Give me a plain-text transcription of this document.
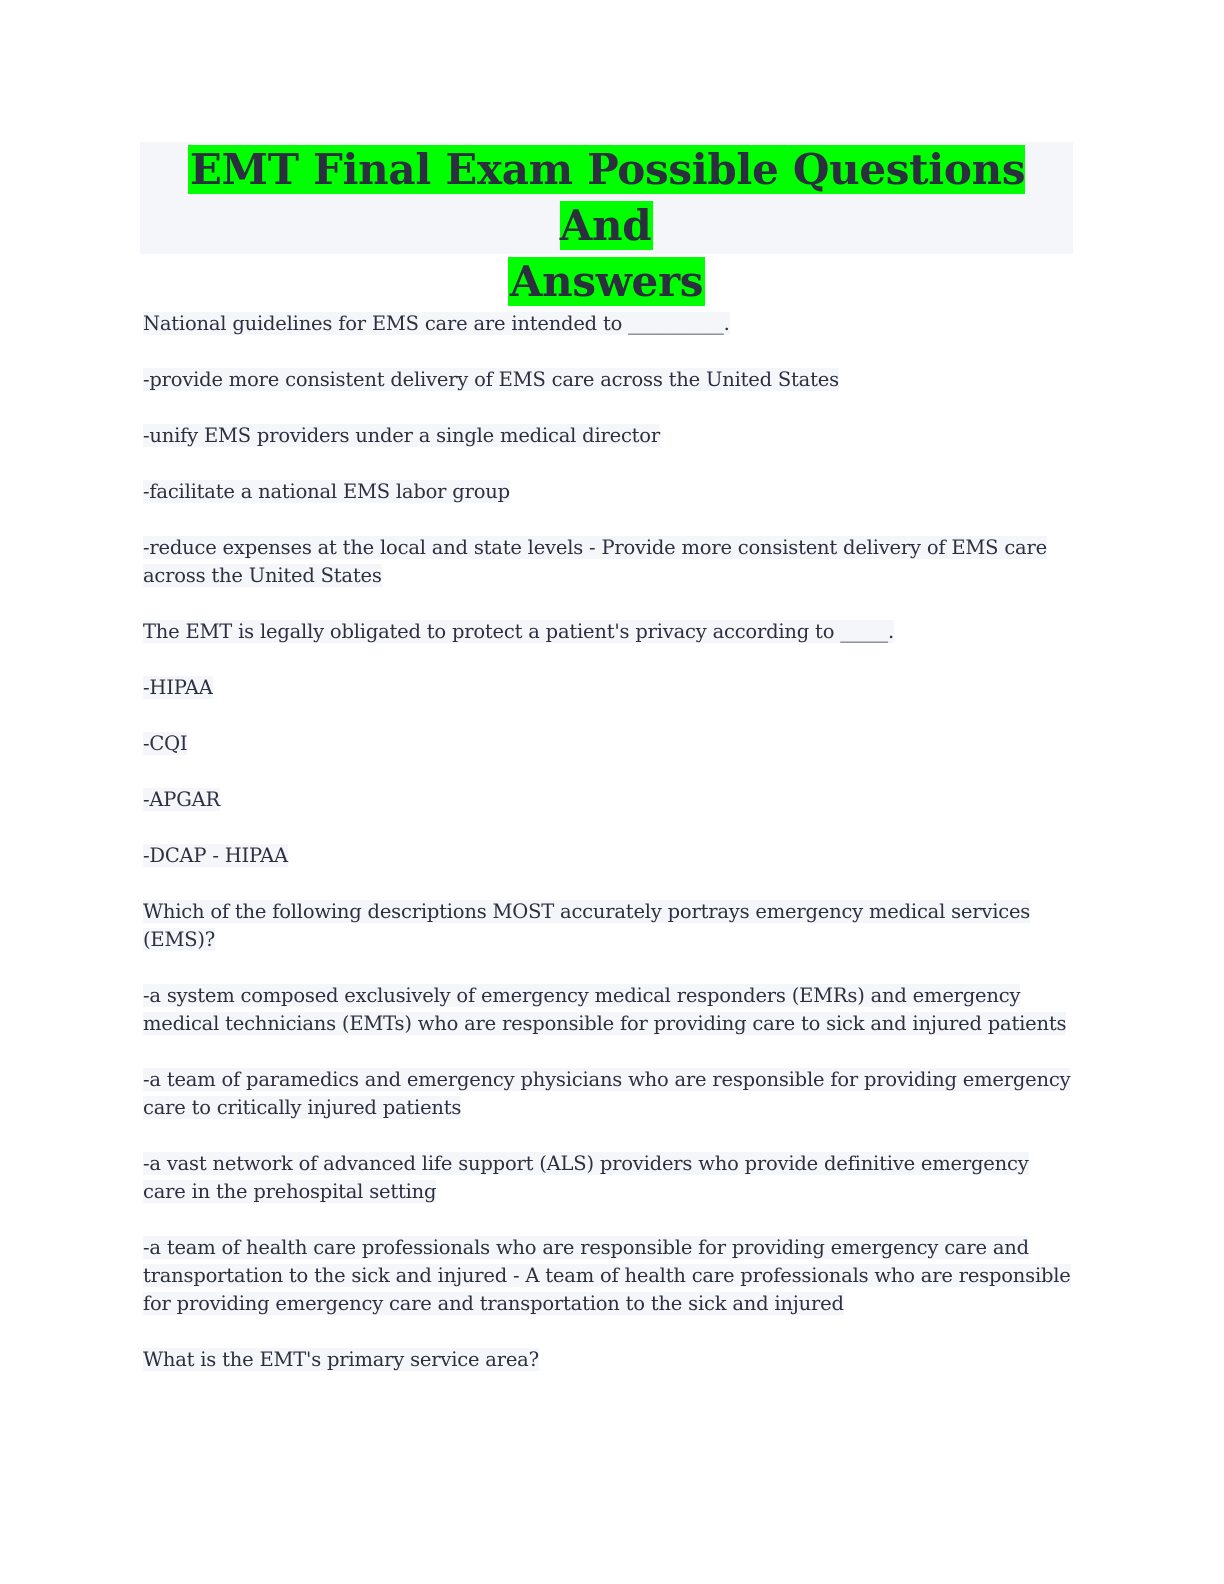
EMT Final Exam Possible Questions And
Answers

National guidelines for EMS care are intended to __________.

-provide more consistent delivery of EMS care across the United States

-unify EMS providers under a single medical director

-facilitate a national EMS labor group

-reduce expenses at the local and state levels - Provide more consistent delivery of EMS care across the United States

The EMT is legally obligated to protect a patient's privacy according to _____.

-HIPAA

-CQI

-APGAR

-DCAP - HIPAA

Which of the following descriptions MOST accurately portrays emergency medical services (EMS)?

-a system composed exclusively of emergency medical responders (EMRs) and emergency medical technicians (EMTs) who are responsible for providing care to sick and injured patients

-a team of paramedics and emergency physicians who are responsible for providing emergency care to critically injured patients

-a vast network of advanced life support (ALS) providers who provide definitive emergency care in the prehospital setting

-a team of health care professionals who are responsible for providing emergency care and transportation to the sick and injured - A team of health care professionals who are responsible for providing emergency care and transportation to the sick and injured

What is the EMT's primary service area?
